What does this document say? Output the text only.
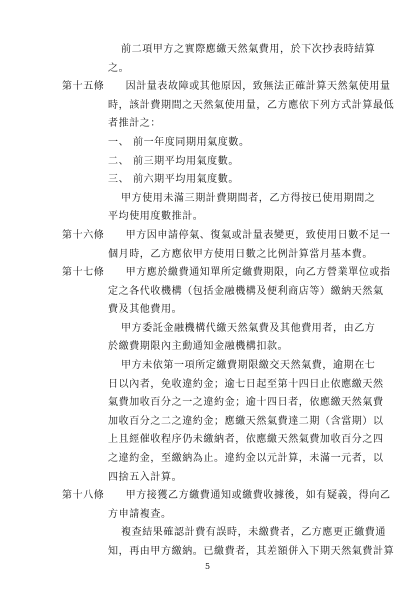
5
前二項甲方之實際應繳天然氣費用，於下次抄表時結算
之。
第十五條　　因計量表故障或其他原因，致無法正確計算天然氣使用量
時，該計費期間之天然氣使用量，乙方應依下列方式計算最低
者推計之：
一、 前一年度同期用氣度數。
二、 前三期平均用氣度數。
三、 前六期平均用氣度數。
甲方使用未滿三期計費期間者，乙方得按已使用期間之
平均使用度數推計。
第十六條　　甲方因申請停氣、復氣或計量表變更，致使用日數不足一
個月時，乙方應依甲方使用日數之比例計算當月基本費。
第十七條　　甲方應於繳費通知單所定繳費期限，向乙方營業單位或指
定之各代收機構（包括金融機構及便利商店等）繳納天然氣
費及其他費用。
甲方委託金融機構代繳天然氣費及其他費用者，由乙方
於繳費期限內主動通知金融機構扣款。
甲方未依第一項所定繳費期限繳交天然氣費，逾期在七
日以內者，免收違約金；逾七日起至第十四日止依應繳天然
氣費加收百分之一之違約金；逾十四日者，依應繳天然氣費
加收百分之二之違約金；應繳天然氣費達二期（含當期）以
上且經催收程序仍未繳納者，依應繳天然氣費加收百分之四
之違約金，至繳納為止。違約金以元計算，未滿一元者，以
四捨五入計算。
第十八條　　甲方接獲乙方繳費通知或繳費收據後，如有疑義，得向乙
方申請複查。
複查結果確認計費有誤時，未繳費者，乙方應更正繳費通
知，再由甲方繳納。已繳費者，其差額併入下期天然氣費計算
